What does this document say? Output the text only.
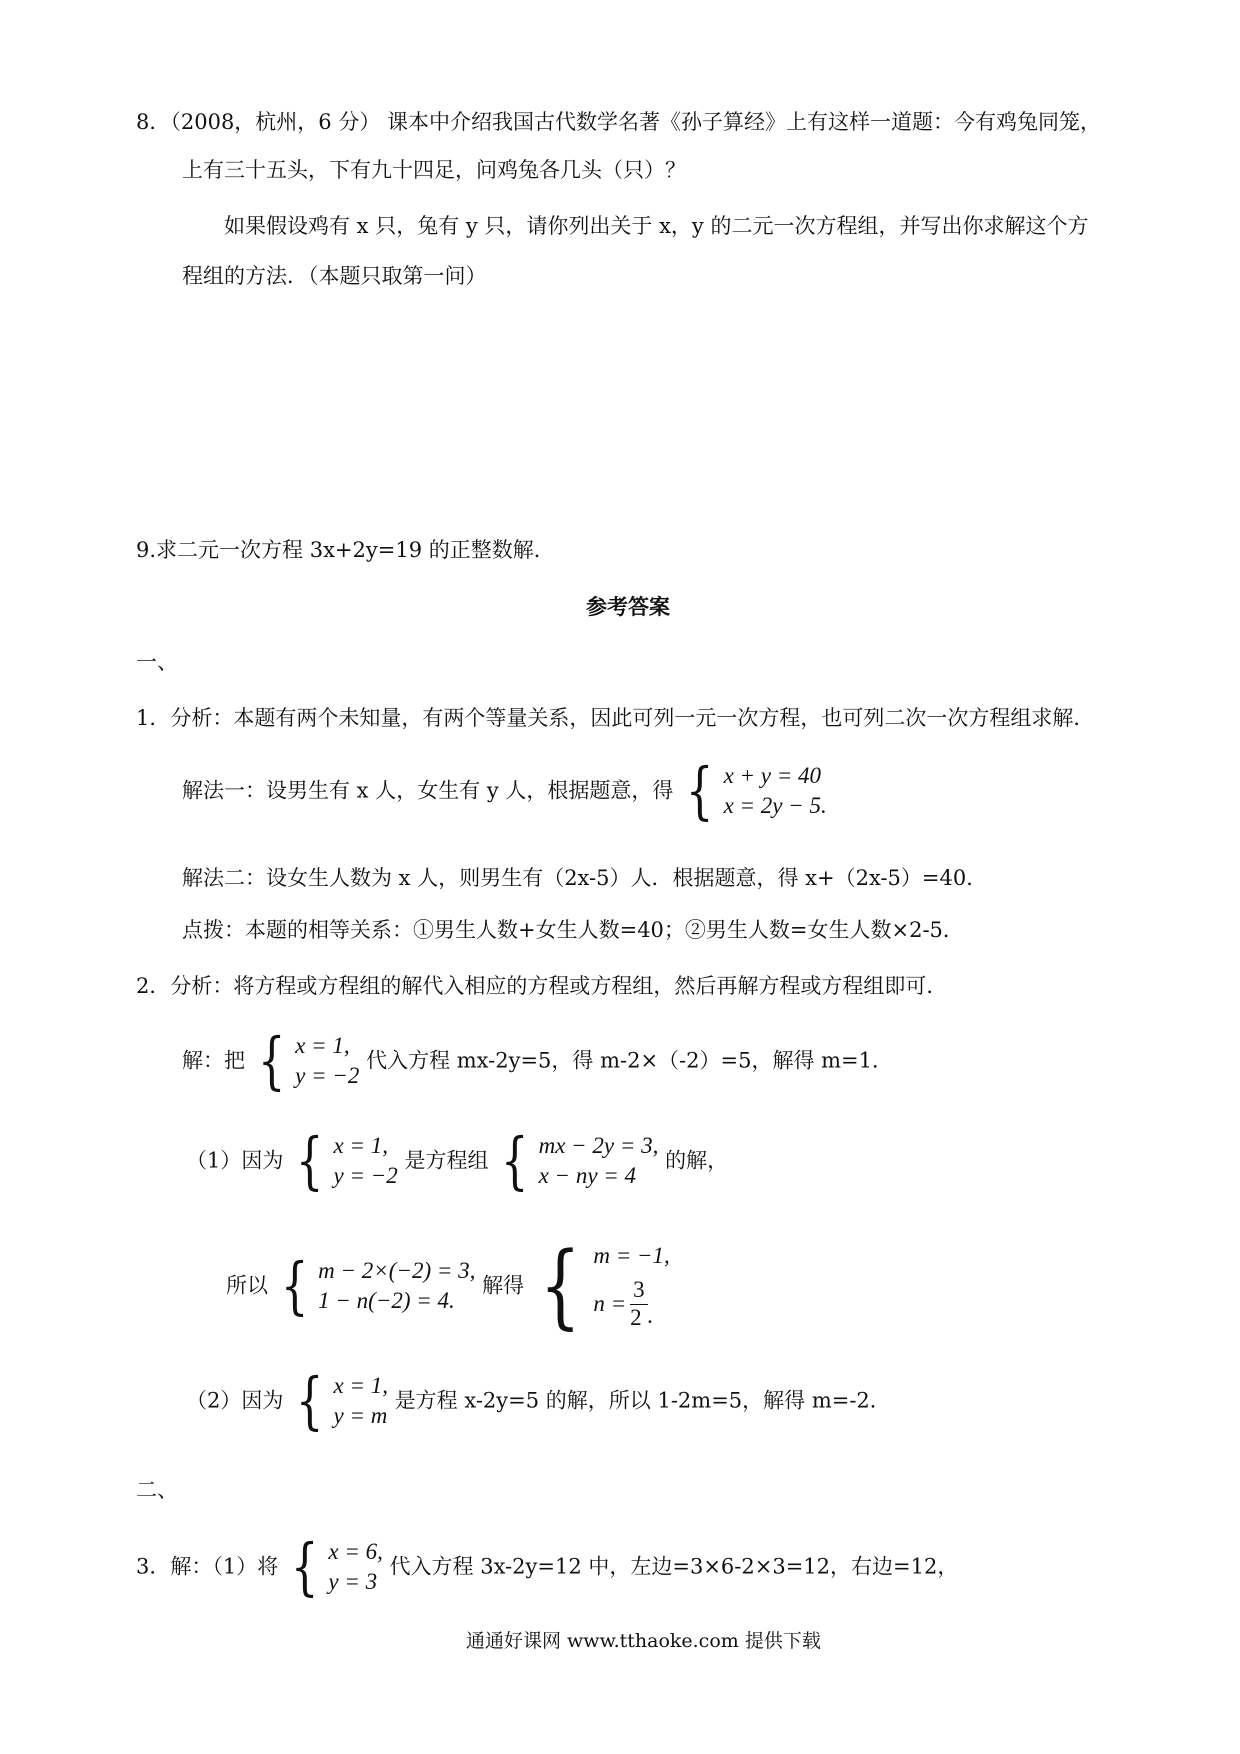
8．（2008，杭州，6 分） 课本中介绍我国古代数学名著《孙子算经》上有这样一道题：今有鸡兔同笼，
上有三十五头，下有九十四足，问鸡兔各几头（只）？
如果假设鸡有 x 只，兔有 y 只，请你列出关于 x，y 的二元一次方程组，并写出你求解这个方
程组的方法．（本题只取第一问）
9.求二元一次方程 3x+2y=19 的正整数解．
参考答案
一、
1．分析：本题有两个未知量，有两个等量关系，因此可列一元一次方程，也可列二次一次方程组求解．
解法一：设男生有 x 人，女生有 y 人，根据题意，得 { x + y = 40
x = 2y − 5.
解法二：设女生人数为 x 人，则男生有（2x-5）人．根据题意，得 x+（2x-5）=40．
点拨：本题的相等关系：①男生人数+女生人数=40；②男生人数=女生人数×2-5．
2．分析：将方程或方程组的解代入相应的方程或方程组，然后再解方程或方程组即可．
解：把 { x = 1,
y = −2
代入方程 mx-2y=5，得 m-2×（-2）=5，解得 m=1．
（1）因为 { x = 1,
y = −2
是方程组 { mx − 2y = 3,
x − ny = 4
的解，
所以 { m − 2×(−2) = 3,
1 − n(−2) = 4.
解得 { m = −1,
$n = \frac{3}{2}$ .
（2）因为 { x = 1,
y = m
是方程 x-2y=5 的解，所以 1-2m=5，解得 m=-2．
二、
3．解：（1）将 { x = 6,
y = 3
代入方程 3x-2y=12 中，左边=3×6-2×3=12，右边=12，
通通好课网 www.tthaoke.com 提供下载
